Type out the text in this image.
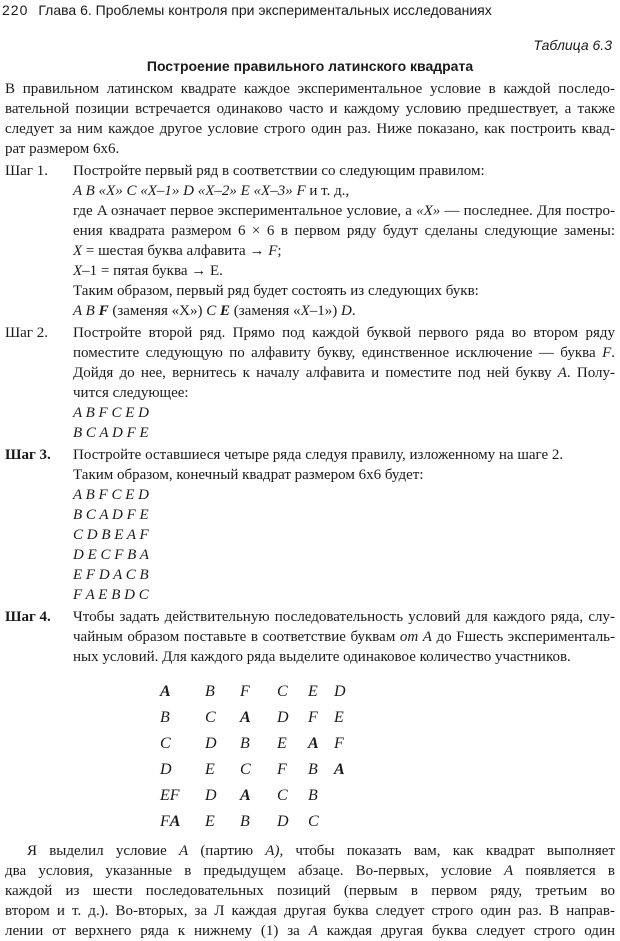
220 Глава 6. Проблемы контроля при экспериментальных исследованиях
Таблица 6.3
Построение правильного латинского квадрата
В правильном латинском квадрате каждое экспериментальное условие в каждой последо-
вательной позиции встречается одинаково часто и каждому условию предшествует, а также
следует за ним каждое другое условие строго один раз. Ниже показано, как построить квад-
рат размером 6х6.
Шаг 1.	Постройте первый ряд в соответствии со следующим правилом:
A B «X» C «X–1» D «X–2» E «X–3» F и т. д.,
где A означает первое экспериментальное условие, а «X» — последнее. Для постро-
ения квадрата размером 6 × 6 в первом ряду будут сделаны следующие замены:
X = шестая буква алфавита → F;
X–1 = пятая буква → E.
Таким образом, первый ряд будет состоять из следующих букв:
A B F (заменяя «X») C E (заменяя «X–1») D.
Шаг 2.	Постройте второй ряд. Прямо под каждой буквой первого ряда во втором ряду
поместите следующую по алфавиту букву, единственное исключение — буква F.
Дойдя до нее, вернитесь к началу алфавита и поместите под ней букву A. Полу-
чится следующее:
A B F C E D
B C A D F E
Шаг 3.	Постройте оставшиеся четыре ряда следуя правилу, изложенному на шаге 2.
Таким образом, конечный квадрат размером 6х6 будет:
A B F C E D
B C A D F E
C D B E A F
D E C F B A
E F D A C B
F A E B D C
Шаг 4.	Чтобы задать действительную последовательность условий для каждого ряда, слу-
чайным образом поставьте в соответствие буквам от A до Fшесть эксперименталь-
ных условий. Для каждого ряда выделите одинаковое количество участников.
A B F C E D
B C A D F E
C D B E A F
D E C F B A
EF D A C B
FA E B D C
Я выделил условие A (партию A), чтобы показать вам, как квадрат выполняет
два условия, указанные в предыдущем абзаце. Во-первых, условие A появляется в
каждой из шести последовательных позиций (первым в первом ряду, третьим во
втором и т. д.). Во-вторых, за Л каждая другая буква следует строго один раз. В направ-
лении от верхнего ряда к нижнему (1) за A каждая другая буква следует строго один
